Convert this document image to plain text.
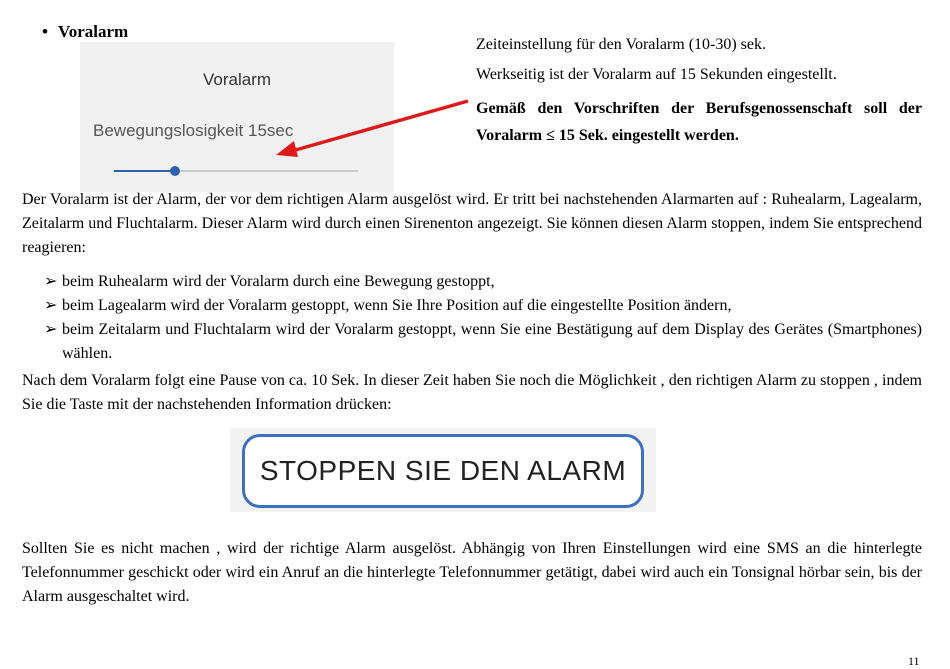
• Voralarm
Voralarm
Bewegungslosigkeit 15sec
Zeiteinstellung für den Voralarm (10-30) sek.
Werkseitig ist der Voralarm auf 15 Sekunden eingestellt.
Gemäß den Vorschriften der Berufsgenossenschaft soll der Voralarm ≤ 15 Sek. eingestellt werden.
Der Voralarm ist der Alarm, der vor dem richtigen Alarm ausgelöst wird. Er tritt bei nachstehenden Alarmarten auf : Ruhealarm, Lagealarm, Zeitalarm und Fluchtalarm. Dieser Alarm wird durch einen Sirenenton angezeigt. Sie können diesen Alarm stoppen, indem Sie entsprechend reagieren:
➢ beim Ruhealarm wird der Voralarm durch eine Bewegung gestoppt,
➢ beim Lagealarm wird der Voralarm gestoppt, wenn Sie Ihre Position auf die eingestellte Position ändern,
➢ beim Zeitalarm und Fluchtalarm wird der Voralarm gestoppt, wenn Sie eine Bestätigung auf dem Display des Gerätes (Smartphones) wählen.
Nach dem Voralarm folgt eine Pause von ca. 10 Sek. In dieser Zeit haben Sie noch die Möglichkeit , den richtigen Alarm zu stoppen , indem Sie die Taste mit der nachstehenden Information drücken:
STOPPEN SIE DEN ALARM
Sollten Sie es nicht machen , wird der richtige Alarm ausgelöst. Abhängig von Ihren Einstellungen wird eine SMS an die hinterlegte Telefonnummer geschickt oder wird ein Anruf an die hinterlegte Telefonnummer getätigt, dabei wird auch ein Tonsignal hörbar sein, bis der Alarm ausgeschaltet wird.
11
